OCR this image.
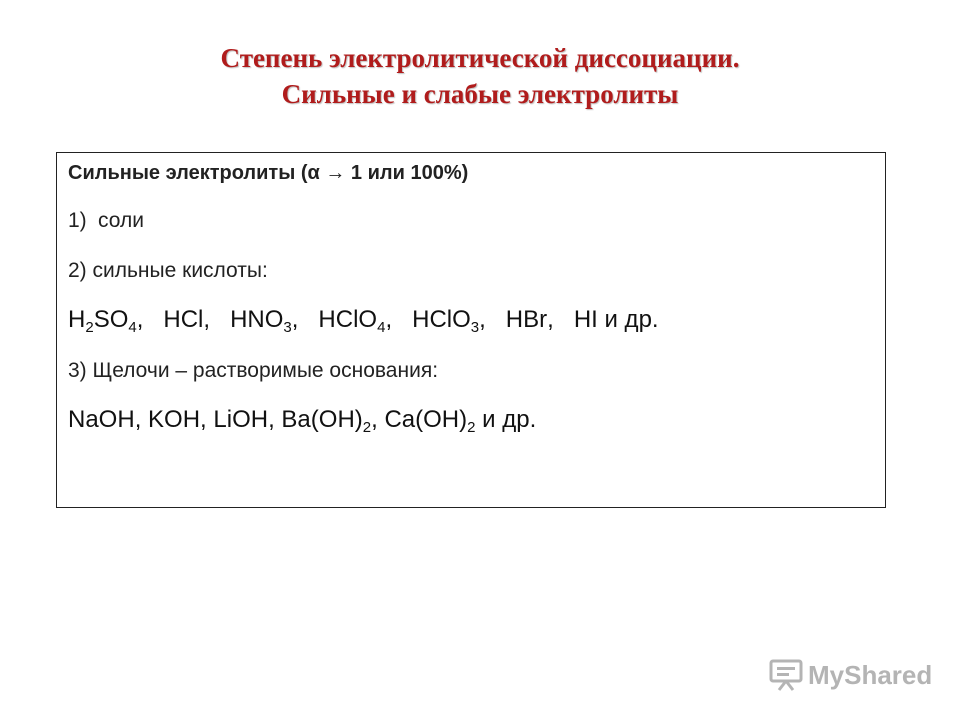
Степень электролитической диссоциации.
Сильные и слабые электролиты
Сильные электролиты (α → 1 или 100%)
1) соли
2) сильные кислоты:
$H_2SO_4$,   HCl,   $HNO_3$,   HClO$_4$,   HClO$_3$,   HBr,   HI и др.
3) Щелочи – растворимые основания:
NaOH, KOH, LiOH, $Ba(OH)_2$, $Ca(OH)_2$ и др.
MyShared
